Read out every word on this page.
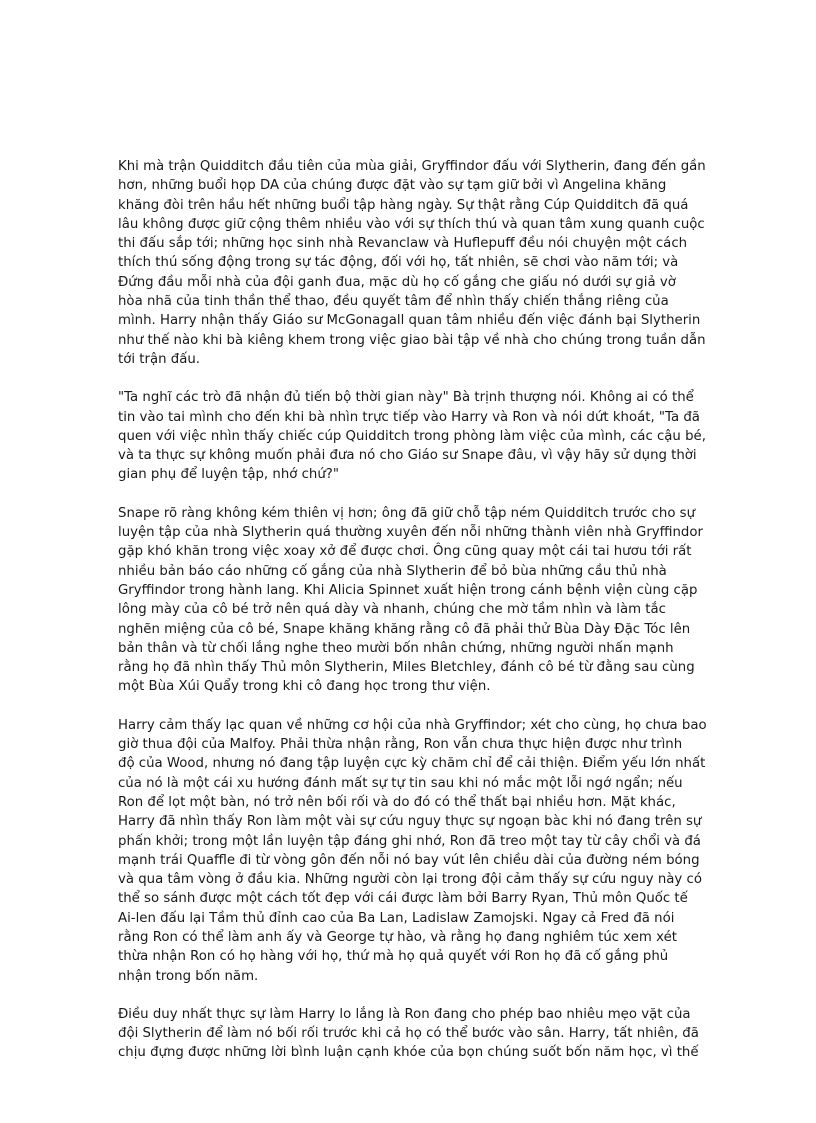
Khi mà trận Quidditch đầu tiên của mùa giải, Gryffindor đấu với Slytherin, đang đến gần
hơn, những buổi họp DA của chúng được đặt vào sự tạm giữ bởi vì Angelina khăng
khăng đòi trên hầu hết những buổi tập hàng ngày. Sự thật rằng Cúp Quidditch đã quá
lâu không được giữ cộng thêm nhiều vào với sự thích thú và quan tâm xung quanh cuộc
thi đấu sắp tới; những học sinh nhà Revanclaw và Huflepuff đều nói chuyện một cách
thích thú sống động trong sự tác động, đối với họ, tất nhiên, sẽ chơi vào năm tới; và
Đứng đầu mỗi nhà của đội ganh đua, mặc dù họ cố gắng che giấu nó dưới sự giả vờ
hòa nhã của tinh thần thể thao, đều quyết tâm để nhìn thấy chiến thắng riêng của
mình. Harry nhận thấy Giáo sư McGonagall quan tâm nhiều đến việc đánh bại Slytherin
như thế nào khi bà kiêng khem trong việc giao bài tập về nhà cho chúng trong tuần dẫn
tới trận đấu.

"Ta nghĩ các trò đã nhận đủ tiến bộ thời gian này" Bà trịnh thượng nói. Không ai có thể
tin vào tai mình cho đến khi bà nhìn trực tiếp vào Harry và Ron và nói dứt khoát, "Ta đã
quen với việc nhìn thấy chiếc cúp Quidditch trong phòng làm việc của mình, các cậu bé,
và ta thực sự không muốn phải đưa nó cho Giáo sư Snape đâu, vì vậy hãy sử dụng thời
gian phụ để luyện tập, nhớ chứ?"

Snape rõ ràng không kém thiên vị hơn; ông đã giữ chỗ tập ném Quidditch trước cho sự
luyện tập của nhà Slytherin quá thường xuyên đến nỗi những thành viên nhà Gryffindor
gặp khó khăn trong việc xoay xở để được chơi. Ông cũng quay một cái tai hươu tới rất
nhiều bản báo cáo những cố gắng của nhà Slytherin để bỏ bùa những cầu thủ nhà
Gryffindor trong hành lang. Khi Alicia Spinnet xuất hiện trong cánh bệnh viện cùng cặp
lông mày của cô bé trở nên quá dày và nhanh, chúng che mờ tầm nhìn và làm tắc
nghẽn miệng của cô bé, Snape khăng khăng rằng cô đã phải thử Bùa Dày Đặc Tóc lên
bản thân và từ chối lắng nghe theo mười bốn nhân chứng, những người nhấn mạnh
rằng họ đã nhìn thấy Thủ môn Slytherin, Miles Bletchley, đánh cô bé từ đằng sau cùng
một Bùa Xúi Quẩy trong khi cô đang học trong thư viện.

Harry cảm thấy lạc quan về những cơ hội của nhà Gryffindor; xét cho cùng, họ chưa bao
giờ thua đội của Malfoy. Phải thừa nhận rằng, Ron vẫn chưa thực hiện được như trình
độ của Wood, nhưng nó đang tập luyện cực kỳ chăm chỉ để cải thiện. Điểm yếu lớn nhất
của nó là một cái xu hướng đánh mất sự tự tin sau khi nó mắc một lỗi ngớ ngẩn; nếu
Ron để lọt một bàn, nó trở nên bối rối và do đó có thể thất bại nhiều hơn. Mặt khác,
Harry đã nhìn thấy Ron làm một vài sự cứu nguy thực sự ngoạn bàc khi nó đang trên sự
phấn khởi; trong một lần luyện tập đáng ghi nhớ, Ron đã treo một tay từ cây chổi và đá
mạnh trái Quaffle đi từ vòng gôn đến nỗi nó bay vút lên chiều dài của đường ném bóng
và qua tâm vòng ở đầu kia. Những người còn lại trong đội cảm thấy sự cứu nguy này có
thể so sánh được một cách tốt đẹp với cái được làm bởi Barry Ryan, Thủ môn Quốc tế
Ai-len đấu lại Tầm thủ đỉnh cao của Ba Lan, Ladislaw Zamojski. Ngay cả Fred đã nói
rằng Ron có thể làm anh ấy và George tự hào, và rằng họ đang nghiêm túc xem xét
thừa nhận Ron có họ hàng với họ, thứ mà họ quả quyết với Ron họ đã cố gắng phủ
nhận trong bốn năm.

Điều duy nhất thực sự làm Harry lo lắng là Ron đang cho phép bao nhiêu mẹo vặt của
đội Slytherin để làm nó bối rối trước khi cả họ có thể bước vào sân. Harry, tất nhiên, đã
chịu đựng được những lời bình luận cạnh khóe của bọn chúng suốt bốn năm học, vì thế
